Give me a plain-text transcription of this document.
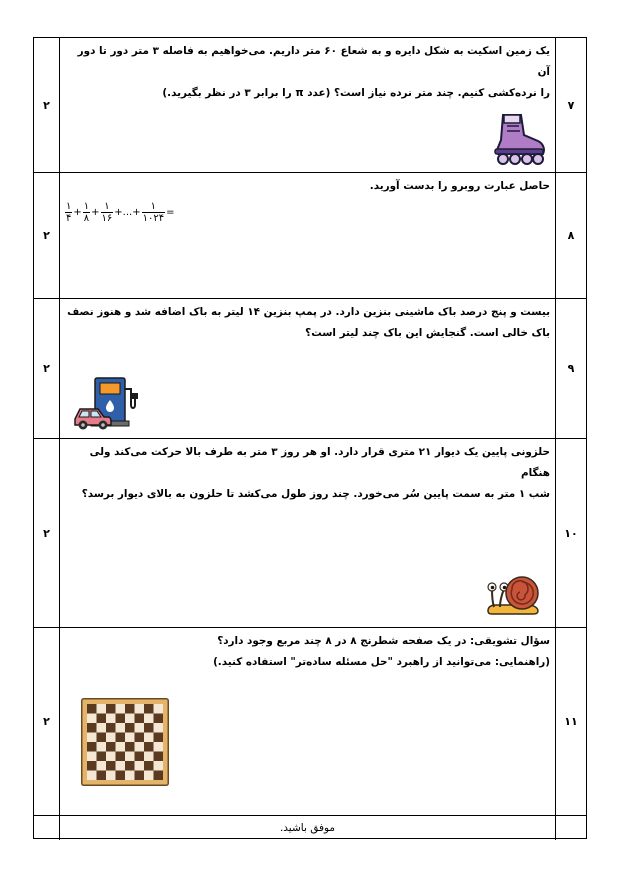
۷
یک زمین اسکیت به شکل دایره و به شعاع ۶۰ متر داریم. می‌خواهیم به فاصله ۳ متر دور تا دور آن
را نرده‌کشی کنیم. چند متر نرده نیاز است؟ (عدد π را برابر ۳ در نظر بگیرید.)
۲
۸
حاصل عبارت روبرو را بدست آورید.
$\frac{۱}{۴} + \frac{۱}{۸} + \frac{۱}{۱۶}$ +...+ $\frac{۱}{۱۰۲۴}$ =
۲
۹
بیست و پنج درصد باک ماشینی بنزین دارد. در پمپ بنزین ۱۴ لیتر به باک اضافه شد و هنوز نصف
باک خالی است. گنجایش این باک چند لیتر است؟
۲
۱۰
حلزونی پایین یک دیوار ۲۱ متری قرار دارد. او هر روز ۳ متر به طرف بالا حرکت می‌کند ولی هنگام
شب ۱ متر به سمت پایین سُر می‌خورد. چند روز طول می‌کشد تا حلزون به بالای دیوار برسد؟
۲
۱۱
سؤال تشویقی: در یک صفحه شطرنج ۸ در ۸ چند مربع وجود دارد؟
(راهنمایی: می‌توانید از راهبرد "حل مسئله ساده‌تر" استفاده کنید.)
۲
موفق باشید.
